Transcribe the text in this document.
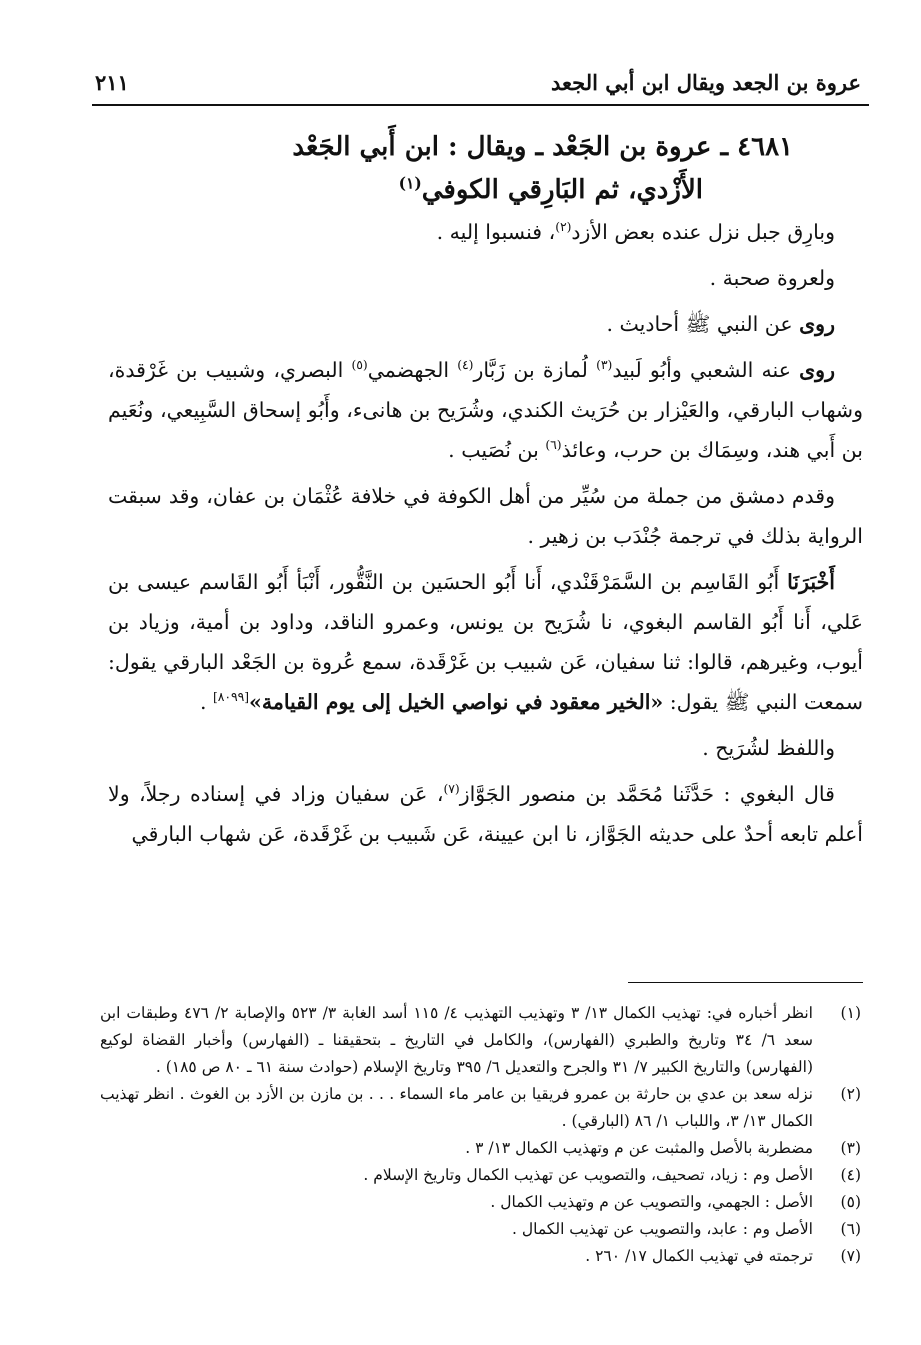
عروة بن الجعد ويقال ابن أبي الجعد
٢١١
٤٦٨١ ـ عروة بن الجَعْد ـ ويقال : ابن أَبي الجَعْد
الأَزْدي، ثم البَارِقي الكوفي$^{(١)}$

وبارِق جبل نزل عنده بعض الأزد$^{(٢)}$، فنسبوا إليه .

ولعروة صحبة .

روى عن النبي ﷺ أحاديث .

روى عنه الشعبي وأبُو لَبيد$^{(٣)}$ لُمازة بن زَبَّار$^{(٤)}$ الجهضمي$^{(٥)}$ البصري، وشبيب بن غَرْقدة، وشهاب البارقي، والعَيْزار بن حُرَيث الكندي، وشُرَيح بن هانىء، وأَبُو إسحاق السَّبِيعي، ونُعَيم بن أَبي هند، وسِمَاك بن حرب، وعائذ$^{(٦)}$ بن نُصَيب .

وقدم دمشق من جملة من سُيِّر من أهل الكوفة في خلافة عُثْمَان بن عفان، وقد سبقت الرواية بذلك في ترجمة جُنْدَب بن زهير .

أَخْبَرَنَا أَبُو القَاسِم بن السَّمَرْقَنْدي، أَنا أَبُو الحسَين بن النَّقُّور، أَنْبَأ أَبُو القَاسم عيسى بن عَلي، أَنا أَبُو القاسم البغوي، نا شُرَيح بن يونس، وعمرو الناقد، وداود بن أمية، وزياد بن أيوب، وغيرهم، قالوا: ثنا سفيان، عَن شبيب بن غَرْقَدة، سمع عُروة بن الجَعْد البارقي يقول: سمعت النبي ﷺ يقول: «الخير معقود في نواصي الخيل إلى يوم القيامة»[٨٠٩٩] .

واللفظ لشُرَيح .

قال البغوي : حَدَّثَنا مُحَمَّد بن منصور الجَوَّاز$^{(٧)}$، عَن سفيان وزاد في إسناده رجلاً، ولا أعلم تابعه أحدٌ على حديثه الجَوَّاز، نا ابن عيينة، عَن شَبيب بن غَرْقَدة، عَن شهاب البارقي

(١)
انظر أخباره في: تهذيب الكمال ١٣/ ٣ وتهذيب التهذيب ٤/ ١١٥ أسد الغابة ٣/ ٥٢٣ والإصابة ٢/ ٤٧٦ وطبقات ابن سعد ٦/ ٣٤ وتاريخ والطبري (الفهارس)، والكامل في التاريخ ـ بتحقيقنا ـ (الفهارس) وأخبار القضاة لوكيع (الفهارس) والتاريخ الكبير ٧/ ٣١ والجرح والتعديل ٦/ ٣٩٥ وتاريخ الإسلام (حوادث سنة ٦١ ـ ٨٠ ص ١٨٥) .
(٢)
نزله سعد بن عدي بن حارثة بن عمرو فريقيا بن عامر ماء السماء . . . بن مازن بن الأزد بن الغوث . انظر تهذيب الكمال ١٣/ ٣، واللباب ١/ ٨٦ (البارقي) .
(٣)
مضطربة بالأصل والمثبت عن م وتهذيب الكمال ١٣/ ٣ .
(٤)
الأصل وم : زياد، تصحيف، والتصويب عن تهذيب الكمال وتاريخ الإسلام .
(٥)
الأصل : الجهمي، والتصويب عن م وتهذيب الكمال .
(٦)
الأصل وم : عابد، والتصويب عن تهذيب الكمال .
(٧)
ترجمته في تهذيب الكمال ١٧/ ٢٦٠ .
